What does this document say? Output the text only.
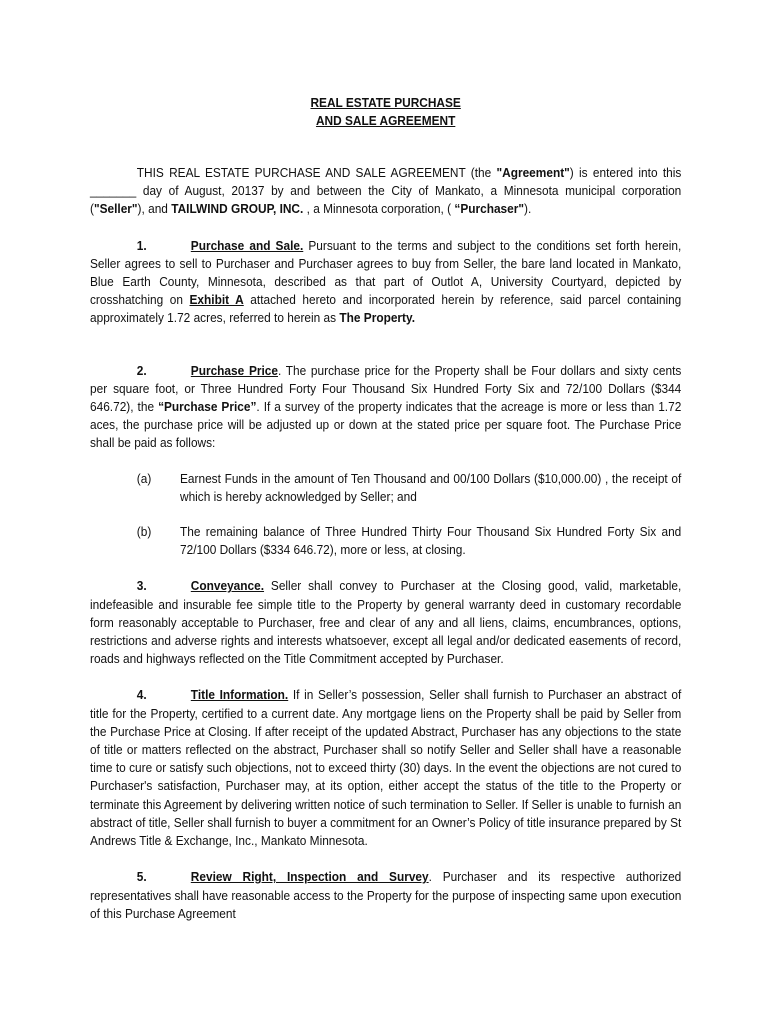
REAL ESTATE PURCHASE
AND SALE AGREEMENT

THIS REAL ESTATE PURCHASE AND SALE AGREEMENT (the "Agreement") is entered into this _______ day of August, 20137 by and between the City of Mankato, a Minnesota municipal corporation ("Seller"), and TAILWIND GROUP, INC. , a Minnesota corporation, ( “Purchaser").

1.	Purchase and Sale. Pursuant to the terms and subject to the conditions set forth herein, Seller agrees to sell to Purchaser and Purchaser agrees to buy from Seller, the bare land located in Mankato, Blue Earth County, Minnesota, described as that part of Outlot A, University Courtyard, depicted by crosshatching on Exhibit A attached hereto and incorporated herein by reference, said parcel containing approximately 1.72 acres, referred to herein as The Property.

2.	Purchase Price. The purchase price for the Property shall be Four dollars and sixty cents per square foot, or Three Hundred Forty Four Thousand Six Hundred Forty Six and 72/100 Dollars ($344 646.72), the “Purchase Price”. If a survey of the property indicates that the acreage is more or less than 1.72 aces, the purchase price will be adjusted up or down at the stated price per square foot. The Purchase Price shall be paid as follows:

(a)	Earnest Funds in the amount of Ten Thousand and 00/100 Dollars ($10,000.00) , the receipt of which is hereby acknowledged by Seller; and
(b)	The remaining balance of Three Hundred Thirty Four Thousand Six Hundred Forty Six and 72/100 Dollars ($334 646.72), more or less, at closing.

3.	Conveyance. Seller shall convey to Purchaser at the Closing good, valid, marketable, indefeasible and insurable fee simple title to the Property by general warranty deed in customary recordable form reasonably acceptable to Purchaser, free and clear of any and all liens, claims, encumbrances, options, restrictions and adverse rights and interests whatsoever, except all legal and/or dedicated easements of record, roads and highways reflected on the Title Commitment accepted by Purchaser.

4.	Title Information. If in Seller’s possession, Seller shall furnish to Purchaser an abstract of title for the Property, certified to a current date. Any mortgage liens on the Property shall be paid by Seller from the Purchase Price at Closing. If after receipt of the updated Abstract, Purchaser has any objections to the state of title or matters reflected on the abstract, Purchaser shall so notify Seller and Seller shall have a reasonable time to cure or satisfy such objections, not to exceed thirty (30) days. In the event the objections are not cured to Purchaser's satisfaction, Purchaser may, at its option, either accept the status of the title to the Property or terminate this Agreement by delivering written notice of such termination to Seller. If Seller is unable to furnish an abstract of title, Seller shall furnish to buyer a commitment for an Owner’s Policy of title insurance prepared by St Andrews Title & Exchange, Inc., Mankato Minnesota.

5.	Review Right, Inspection and Survey. Purchaser and its respective authorized representatives shall have reasonable access to the Property for the purpose of inspecting same upon execution of this Purchase Agreement
